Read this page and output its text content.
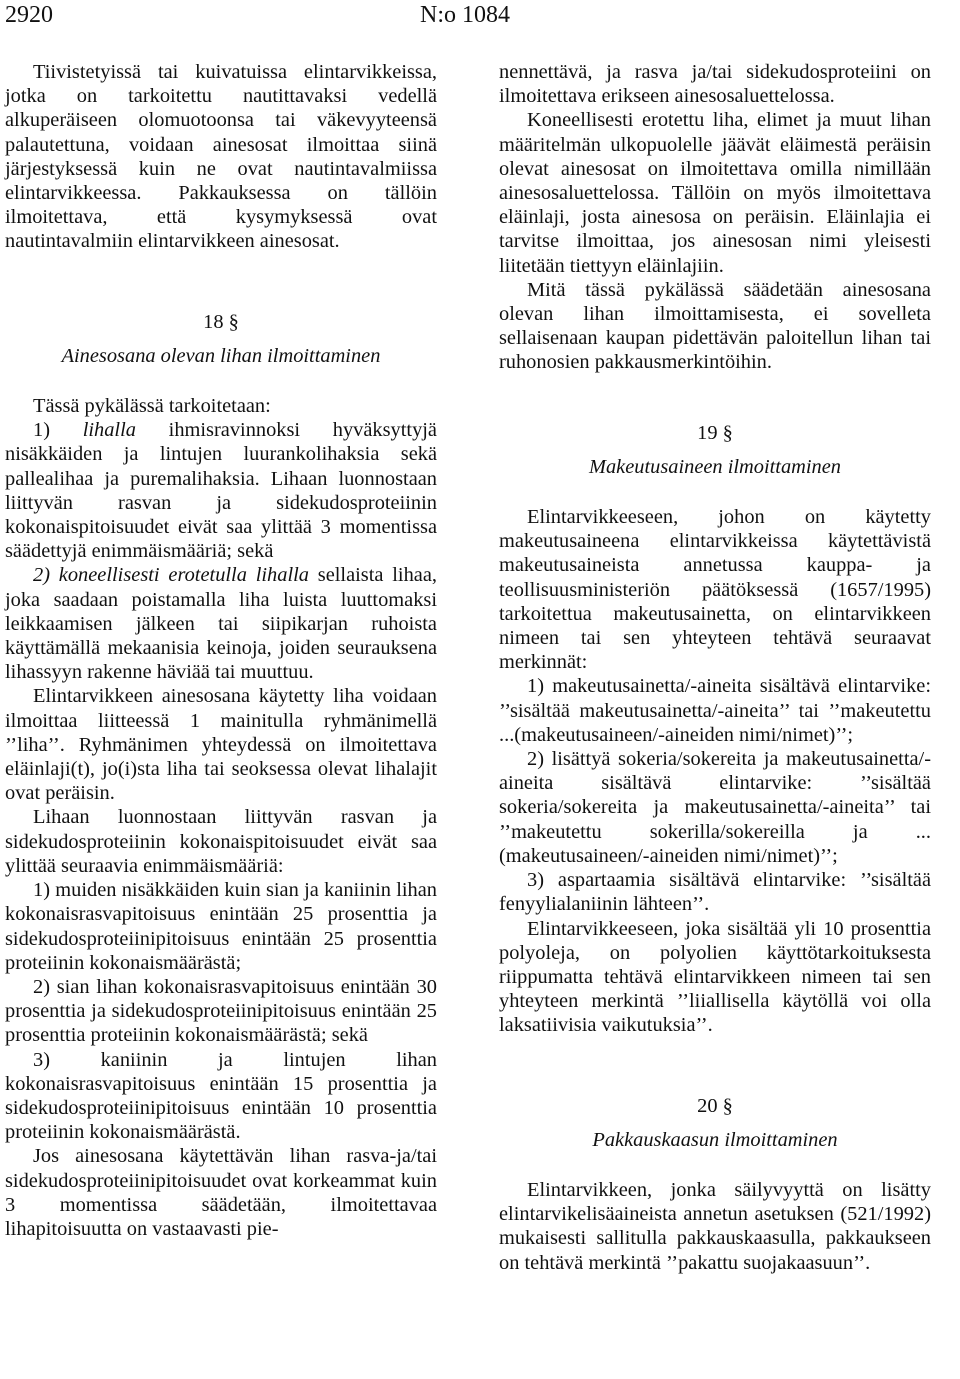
2920	N:o 1084

Tiivistetyissä tai kuivatuissa elintarvikkeissa, jotka on tarkoitettu nautittavaksi vedellä alkuperäiseen olomuotoonsa tai väkevyyteensä palautettuna, voidaan ainesosat ilmoittaa siinä järjestyksessä kuin ne ovat nautintavalmiissa elintarvikkeessa. Pakkauksessa on tällöin ilmoitettava, että kysymyksessä ovat nautintavalmiin elintarvikkeen ainesosat.

18 §

Ainesosana olevan lihan ilmoittaminen

Tässä pykälässä tarkoitetaan:

1) lihalla ihmisravinnoksi hyväksyttyjä nisäkkäiden ja lintujen luurankolihaksia sekä pallealihaa ja puremalihaksia. Lihaan luonnostaan liittyvän rasvan ja sidekudosproteiinin kokonaispitoisuudet eivät saa ylittää 3 momentissa säädettyjä enimmäismääriä; sekä

2) koneellisesti erotetulla lihalla sellaista lihaa, joka saadaan poistamalla liha luista luuttomaksi leikkaamisen jälkeen tai siipikarjan ruhoista käyttämällä mekaanisia keinoja, joiden seurauksena lihassyyn rakenne häviää tai muuttuu.

Elintarvikkeen ainesosana käytetty liha voidaan ilmoittaa liitteessä 1 mainitulla ryhmänimellä ’’liha’’. Ryhmänimen yhteydessä on ilmoitettava eläinlaji(t), jo(i)sta liha tai seoksessa olevat lihalajit ovat peräisin.

Lihaan luonnostaan liittyvän rasvan ja sidekudosproteiinin kokonaispitoisuudet eivät saa ylittää seuraavia enimmäismääriä:

1) muiden nisäkkäiden kuin sian ja kaniinin lihan kokonaisrasvapitoisuus enintään 25 prosenttia ja sidekudosproteiinipitoisuus enintään 25 prosenttia proteiinin kokonaismäärästä;

2) sian lihan kokonaisrasvapitoisuus enintään 30 prosenttia ja sidekudosproteiinipitoisuus enintään 25 prosenttia proteiinin kokonaismäärästä; sekä

3) kaniinin ja lintujen lihan kokonaisrasvapitoisuus enintään 15 prosenttia ja sidekudosproteiinipitoisuus enintään 10 prosenttia proteiinin kokonaismäärästä.

Jos ainesosana käytettävän lihan rasva-ja/tai sidekudosproteiinipitoisuudet ovat korkeammat kuin 3 momentissa säädetään, ilmoitettavaa lihapitoisuutta on vastaavasti pie-

nennettävä, ja rasva ja/tai sidekudosproteiini on ilmoitettava erikseen ainesosaluettelossa.

Koneellisesti erotettu liha, elimet ja muut lihan määritelmän ulkopuolelle jäävät eläimestä peräisin olevat ainesosat on ilmoitettava omilla nimillään ainesosaluettelossa. Tällöin on myös ilmoitettava eläinlaji, josta ainesosa on peräisin. Eläinlajia ei tarvitse ilmoittaa, jos ainesosan nimi yleisesti liitetään tiettyyn eläinlajiin.

Mitä tässä pykälässä säädetään ainesosana olevan lihan ilmoittamisesta, ei sovelleta sellaisenaan kaupan pidettävän paloitellun lihan tai ruhonosien pakkausmerkintöihin.

19 §

Makeutusaineen ilmoittaminen

Elintarvikkeeseen, johon on käytetty makeutusaineena elintarvikkeissa käytettävistä makeutusaineista annetussa kauppa- ja teollisuusministeriön päätöksessä (1657/1995) tarkoitettua makeutusainetta, on elintarvikkeen nimeen tai sen yhteyteen tehtävä seuraavat merkinnät:

1) makeutusainetta/-aineita sisältävä elintarvike: ’’sisältää makeutusainetta/-aineita’’ tai ’’makeutettu ...(makeutusaineen/-aineiden nimi/nimet)’’;

2) lisättyä sokeria/sokereita ja makeutusainetta/-aineita sisältävä elintarvike: ’’sisältää sokeria/sokereita ja makeutusainetta/-aineita’’ tai ’’makeutettu sokerilla/sokereilla ja ...(makeutusaineen/-aineiden nimi/nimet)’’;

3) aspartaamia sisältävä elintarvike: ’’sisältää fenyylialaniinin lähteen’’.

Elintarvikkeeseen, joka sisältää yli 10 prosenttia polyoleja, on polyolien käyttötarkoituksesta riippumatta tehtävä elintarvikkeen nimeen tai sen yhteyteen merkintä ’’liiallisella käytöllä voi olla laksatiivisia vaikutuksia’’.

20 §

Pakkauskaasun ilmoittaminen

Elintarvikkeen, jonka säilyvyyttä on lisätty elintarvikelisäaineista annetun asetuksen (521/1992) mukaisesti sallitulla pakkauskaasulla, pakkaukseen on tehtävä merkintä ’’pakattu suojakaasuun’’.
